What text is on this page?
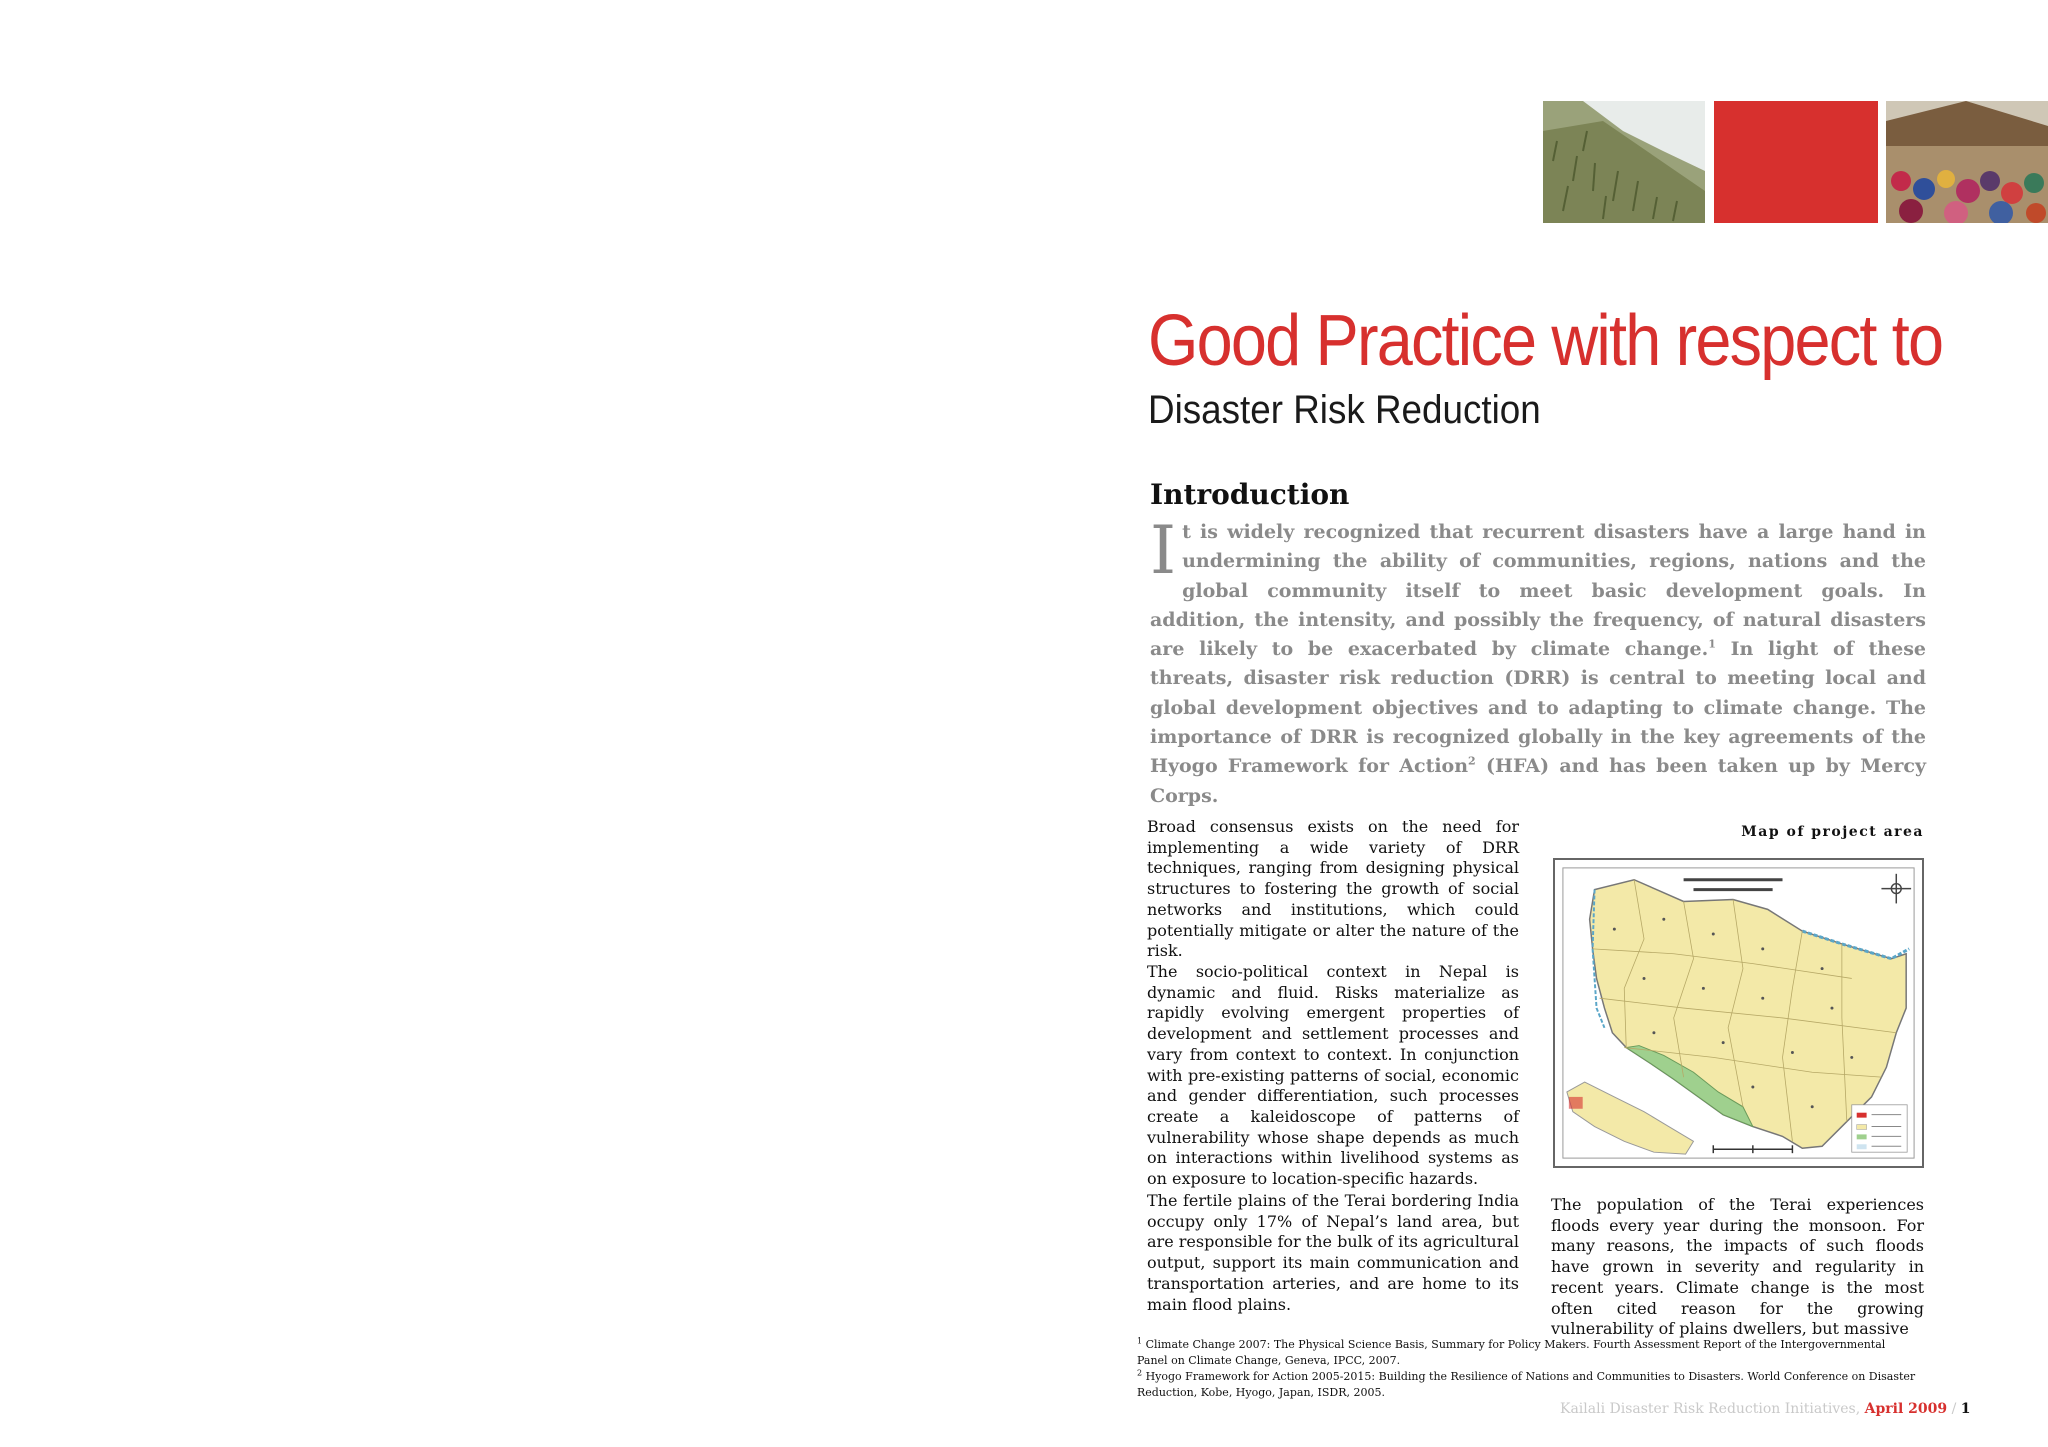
Good Practice with respect to
Disaster Risk Reduction
Introduction

It is widely recognized that recurrent disasters have a large hand in undermining the ability of communities, regions, nations and the global community itself to meet basic development goals. In addition, the intensity, and possibly the frequency, of natural disasters are likely to be exacerbated by climate change.$^1$ In light of these threats, disaster risk reduction (DRR) is central to meeting local and global development objectives and to adapting to climate change. The importance of DRR is recognized globally in the key agreements of the Hyogo Framework for Action$^2$ (HFA) and has been taken up by Mercy Corps.

Broad consensus exists on the need for implementing a wide variety of DRR techniques, ranging from designing physical structures to fostering the growth of social networks and institutions, which could potentially mitigate or alter the nature of the risk.

The socio-political context in Nepal is dynamic and fluid. Risks materialize as rapidly evolving emergent properties of development and settlement processes and vary from context to context. In conjunction with pre-existing patterns of social, economic and gender differentiation, such processes create a kaleidoscope of patterns of vulnerability whose shape depends as much on interactions within livelihood systems as on exposure to location-specific hazards.

The fertile plains of the Terai bordering India occupy only 17% of Nepal’s land area, but are responsible for the bulk of its agricultural output, support its main communication and transportation arteries, and are home to its main flood plains.

The population of the Terai experiences floods every year during the monsoon. For many reasons, the impacts of such floods have grown in severity and regularity in recent years. Climate change is the most often cited reason for the growing vulnerability of plains dwellers, but massive

Map of project area

$^1$ Climate Change 2007: The Physical Science Basis, Summary for Policy Makers. Fourth Assessment Report of the Intergovernmental Panel on Climate Change, Geneva, IPCC, 2007.

$^2$ Hyogo Framework for Action 2005-2015: Building the Resilience of Nations and Communities to Disasters. World Conference on Disaster Reduction, Kobe, Hyogo, Japan, ISDR, 2005.

Kailali Disaster Risk Reduction Initiatives, April 2009 / 1
